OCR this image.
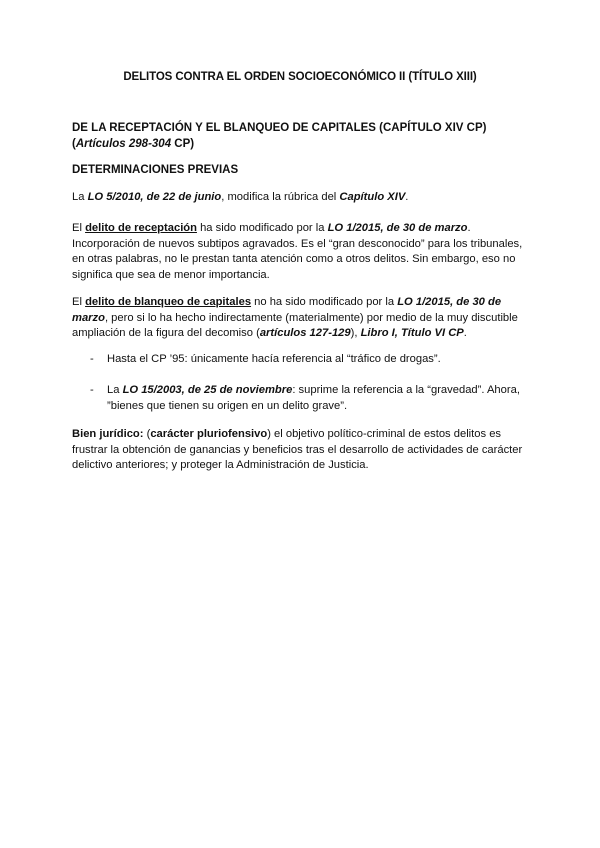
DELITOS CONTRA EL ORDEN SOCIOECONÓMICO II (TÍTULO XIII)
DE LA RECEPTACIÓN Y EL BLANQUEO DE CAPITALES (CAPÍTULO XIV CP)
(Artículos 298-304 CP)
DETERMINACIONES PREVIAS
La LO 5/2010, de 22 de junio, modifica la rúbrica del Capítulo XIV.
El delito de receptación ha sido modificado por la LO 1/2015, de 30 de marzo. Incorporación de nuevos subtipos agravados. Es el “gran desconocido” para los tribunales, en otras palabras, no le prestan tanta atención como a otros delitos. Sin embargo, eso no significa que sea de menor importancia.
El delito de blanqueo de capitales no ha sido modificado por la LO 1/2015, de 30 de marzo, pero si lo ha hecho indirectamente (materialmente) por medio de la muy discutible ampliación de la figura del decomiso (artículos 127-129), Libro I, Título VI CP.
- Hasta el CP ’95: únicamente hacía referencia al “tráfico de drogas”.
- La LO 15/2003, de 25 de noviembre: suprime la referencia a la “gravedad”. Ahora, ”bienes que tienen su origen en un delito grave”.
Bien jurídico: (carácter pluriofensivo) el objetivo político-criminal de estos delitos es frustrar la obtención de ganancias y beneficios tras el desarrollo de actividades de carácter delictivo anteriores; y proteger la Administración de Justicia.
